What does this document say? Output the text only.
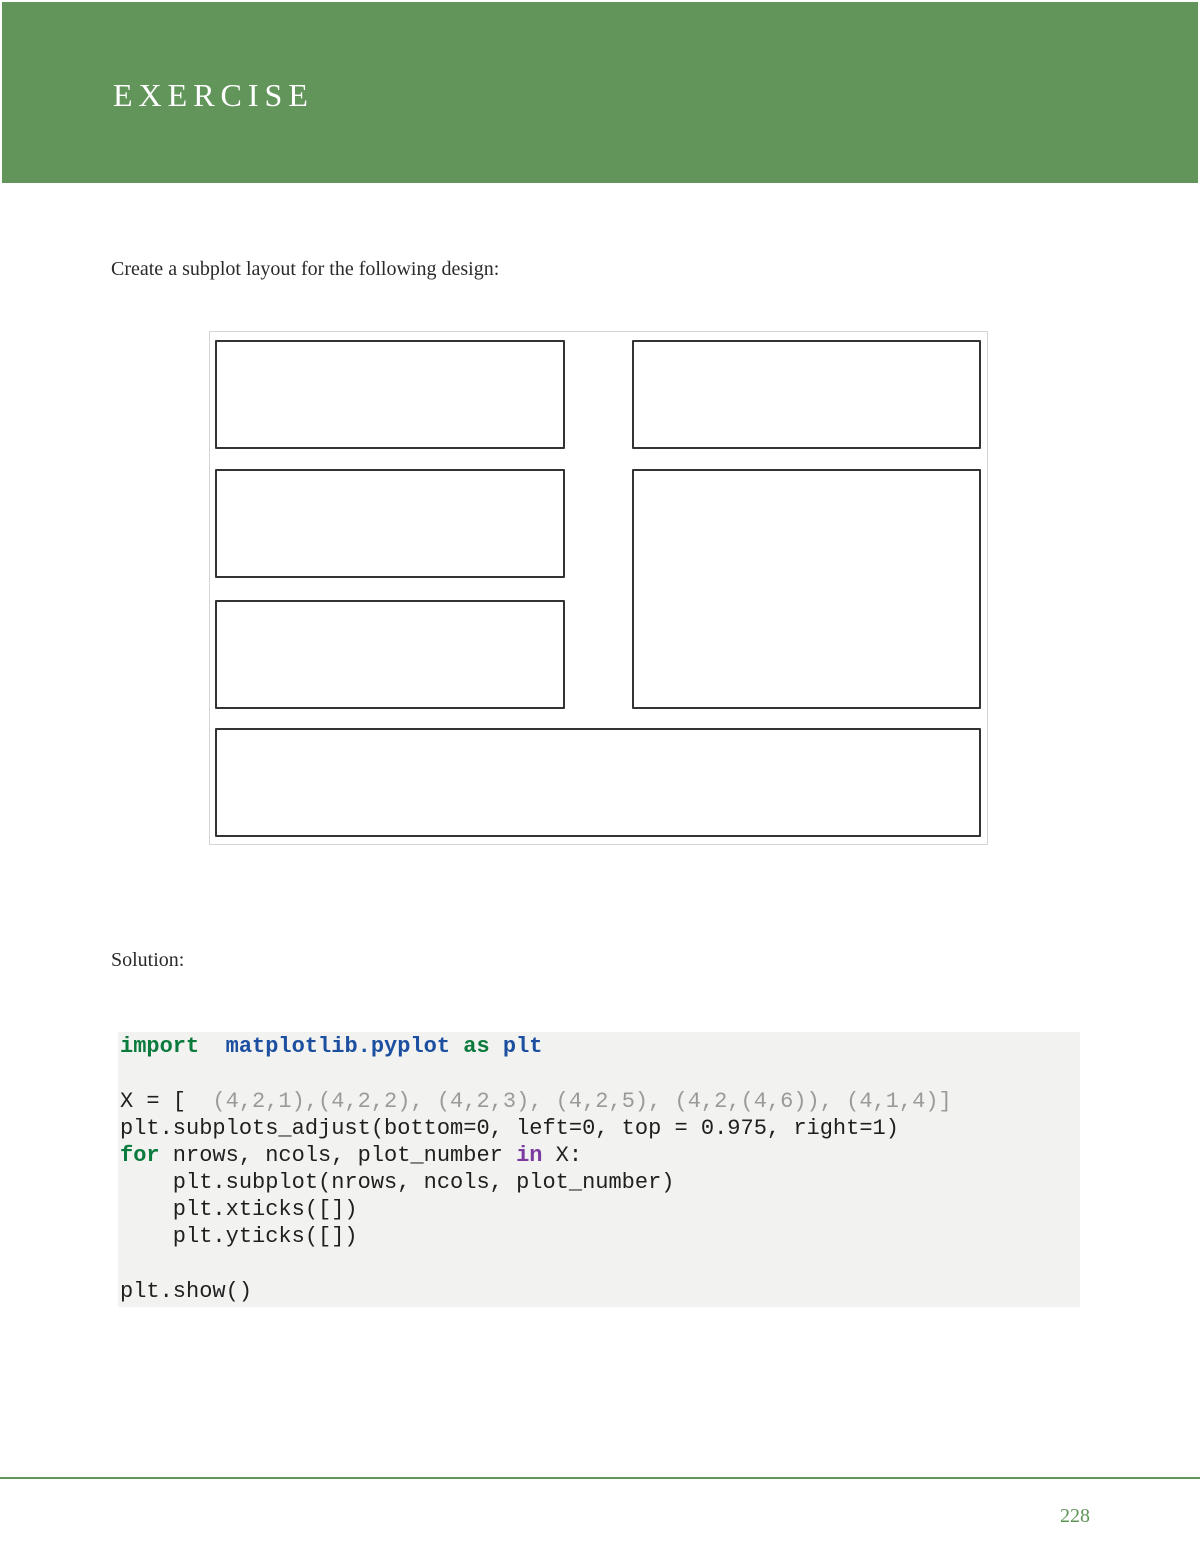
EXERCISE
Create a subplot layout for the following design:
Solution:
import matplotlib.pyplot as plt
X = [  (4,2,1),(4,2,2), (4,2,3), (4,2,5), (4,2,(4,6)), (4,1,4)]
plt.subplots_adjust(bottom=0, left=0, top = 0.975, right=1)
for nrows, ncols, plot_number in X:
plt.subplot(nrows, ncols, plot_number)
plt.xticks([])
plt.yticks([])
plt.show()
228
